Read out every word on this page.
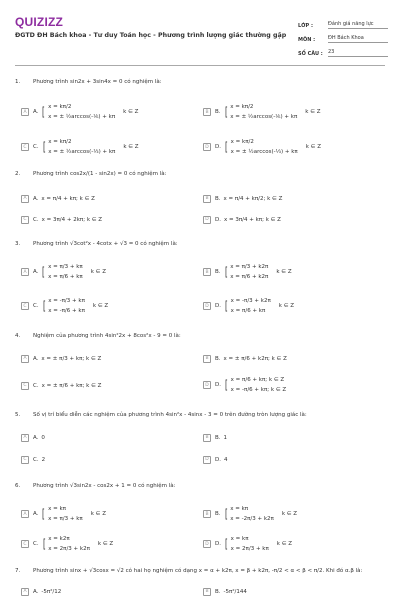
QUIZIZZ
ĐGTD ĐH Bách khoa - Tư duy Toán học - Phương trình lượng giác thường gặp
LỚP :	Đánh giá năng lực
MÔN :	ĐH Bách Khoa
SỐ CÂU :	23
1.	Phương trình sin2x + 3sin4x = 0 có nghiệm là:
A	A. [ x = kπ/2
x = ± ½arccos(-⅙) + kπ
k ∈ Z	B	B. [ x = kπ/2
x = ± ½arccos(-⅙) + kπ
k ∈ Z
C	C. [ x = kπ/2
x = ± ½arccos(-⅓) + kπ
k ∈ Z	D	D. [ x = kπ/2
x = ± ½arccos(-⅓) + kπ
k ∈ Z
2.	Phương trình cos2x/(1 - sin2x) = 0 có nghiệm là:
A	A. x = π/4 + kπ; k ∈ Z	B	B. x = π/4 + kπ/2; k ∈ Z
C	C. x = 3π/4 + 2kπ; k ∈ Z	D	D. x = 3π/4 + kπ; k ∈ Z
3.	Phương trình √3cot²x - 4cotx + √3 = 0 có nghiệm là:
A	A. [ x = π/3 + kπ
x = π/6 + kπ
k ∈ Z	B	B. [ x = π/3 + k2π
x = π/6 + k2π
k ∈ Z
C	C. [ x = -π/3 + kπ
x = -π/6 + kπ
k ∈ Z	D	D. [ x = -π/3 + k2π
x = π/6 + kπ
k ∈ Z
4.	Nghiệm của phương trình 4sin²2x + 8cos²x - 9 = 0 là:
A	A. x = ± π/3 + kπ; k ∈ Z	B	B. x = ± π/6 + k2π; k ∈ Z
C	C. x = ± π/6 + kπ; k ∈ Z	D	D. [ x = π/6 + kπ; k ∈ Z
x = -π/6 + kπ; k ∈ Z
5.	Số vị trí biểu diễn các nghiệm của phương trình 4sin²x - 4sinx - 3 = 0 trên đường tròn lượng giác là:
A	A. 0	B	B. 1
C	C. 2	D	D. 4
6.	Phương trình √3sin2x - cos2x + 1 = 0 có nghiệm là:
A	A. [ x = kπ
x = π/3 + kπ
k ∈ Z	B	B. [ x = kπ
x = -2π/3 + k2π
k ∈ Z
C	C. [ x = k2π
x = 2π/3 + k2π
k ∈ Z	D	D. [ x = kπ
x = 2π/3 + kπ
k ∈ Z
7.	Phương trình sinx + √3cosx = √2 có hai họ nghiệm có dạng x = α + k2π, x = β + k2π, -π/2 < α < β < π/2. Khi đó α.β là:
A	A. -5π²/12	B	B. -5π²/144
